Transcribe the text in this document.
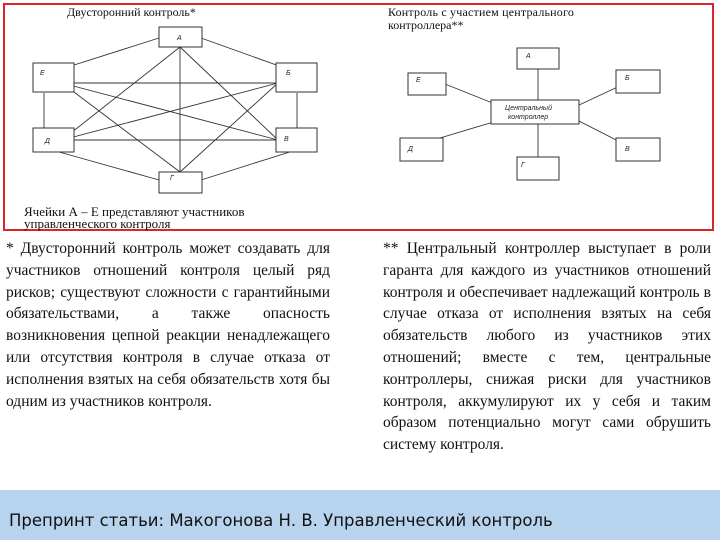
Двусторонний контроль*	Контроль с участием центрального
контроллера**
А
Б
В
Г
Д
Е
А
Б
В
Г
Д
Е
Центральный
контроллер
Ячейки А – Е представляют участников
управленческого контроля

* Двусторонний контроль может создавать для участников отношений контроля целый ряд рисков; существуют сложности с гарантийными обязательствами, а также опасность возникновения цепной реакции ненадлежащего или отсутствия контроля в случае отказа от исполнения взятых на себя обязательств хотя бы одним из участников контроля.

** Центральный контроллер выступает в роли гаранта для каждого из участников отношений контроля и обеспечивает надлежащий контроль в случае отказа от исполнения взятых на себя обязательств любого из участников этих отношений; вместе с тем, центральные контроллеры, снижая риски для участников контроля, аккумулируют их у себя и таким образом потенциально могут сами обрушить систему контроля.

Препринт статьи: Макогонова Н. В. Управленческий контроль
